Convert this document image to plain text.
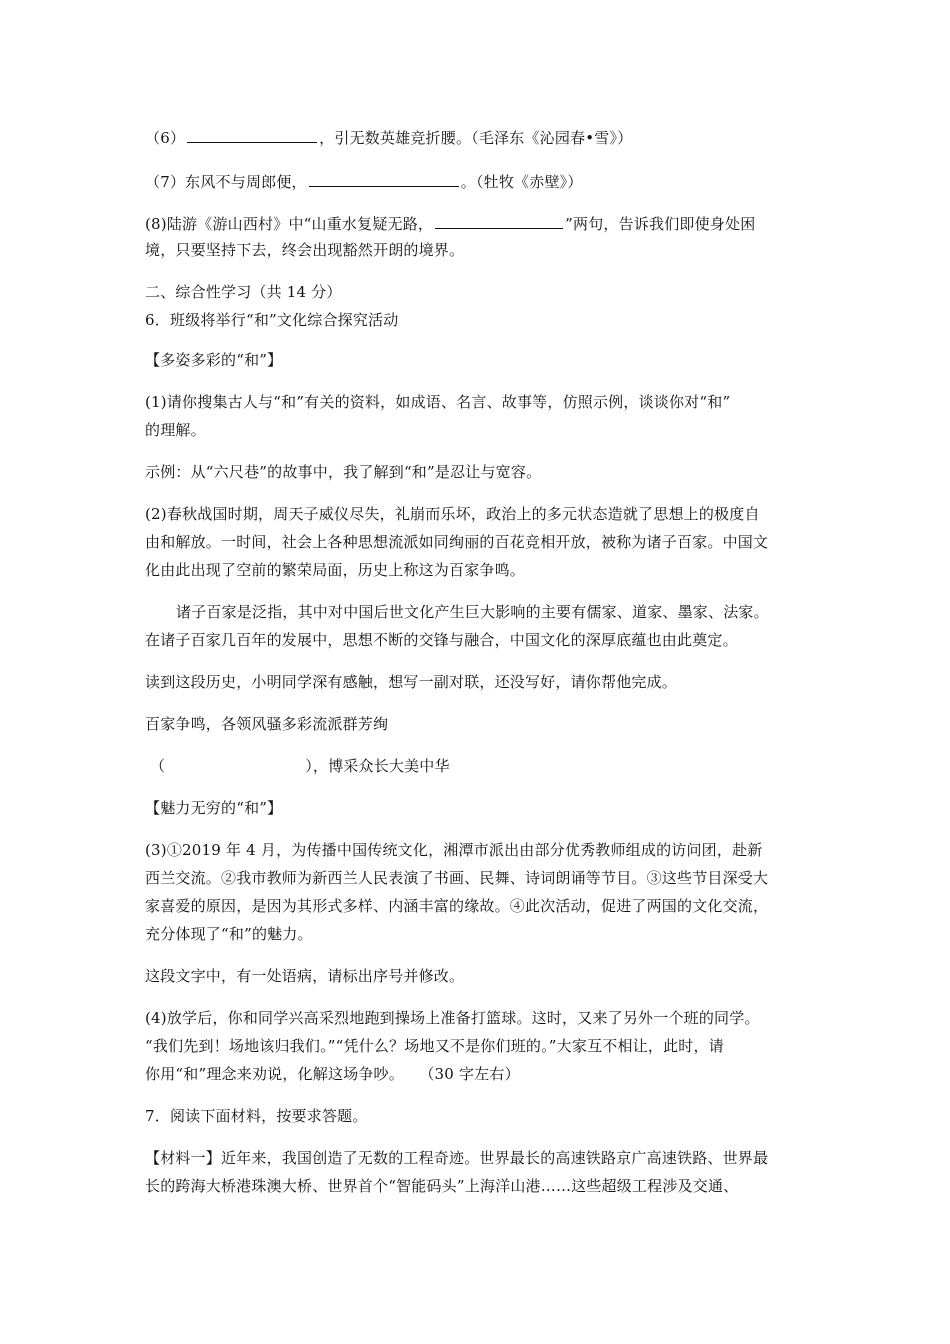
（6）	，引无数英雄竞折腰。（毛泽东《沁园春•雪》）
（7）东风不与周郎便，	。（牡牧《赤壁》）
(8)陆游《游山西村》中“山重水复疑无路，	”两句，告诉我们即使身处困
境，只要坚持下去，终会出现豁然开朗的境界。
二、综合性学习（共 14 分）
6．班级将举行“和”文化综合探究活动
【多姿多彩的“和”】
(1)请你搜集古人与“和”有关的资料，如成语、名言、故事等，仿照示例，谈谈你对“和”
的理解。
示例：从“六尺巷”的故事中，我了解到“和”是忍让与宽容。
(2)春秋战国时期，周天子威仪尽失，礼崩而乐坏，政治上的多元状态造就了思想上的极度自
由和解放。一时间，社会上各种思想流派如同绚丽的百花竞相开放，被称为诸子百家。中国文
化由此出现了空前的繁荣局面，历史上称这为百家争鸣。
诸子百家是泛指，其中对中国后世文化产生巨大影响的主要有儒家、道家、墨家、法家。
在诸子百家几百年的发展中，思想不断的交锋与融合，中国文化的深厚底蕴也由此奠定。
读到这段历史，小明同学深有感触，想写一副对联，还没写好，请你帮他完成。
百家争鸣，各领风骚多彩流派群芳绚
（	），博采众长大美中华
【魅力无穷的“和”】
(3)①2019 年 4 月，为传播中国传统文化，湘潭市派出由部分优秀教师组成的访问团，赴新
西兰交流。②我市教师为新西兰人民表演了书画、民舞、诗词朗诵等节目。③这些节目深受大
家喜爱的原因，是因为其形式多样、内涵丰富的缘故。④此次活动，促进了两国的文化交流，
充分体现了“和”的魅力。
这段文字中，有一处语病，请标出序号并修改。
(4)放学后，你和同学兴高采烈地跑到操场上准备打篮球。这时，又来了另外一个班的同学。
“我们先到！场地该归我们。”“凭什么？场地又不是你们班的。”大家互不相让，此时，请
你用“和”理念来劝说，化解这场争吵。　　（30 字左右）
7．阅读下面材料，按要求答题。
【材料一】近年来，我国创造了无数的工程奇迹。世界最长的高速铁路京广高速铁路、世界最
长的跨海大桥港珠澳大桥、世界首个“智能码头”上海洋山港……这些超级工程涉及交通、
